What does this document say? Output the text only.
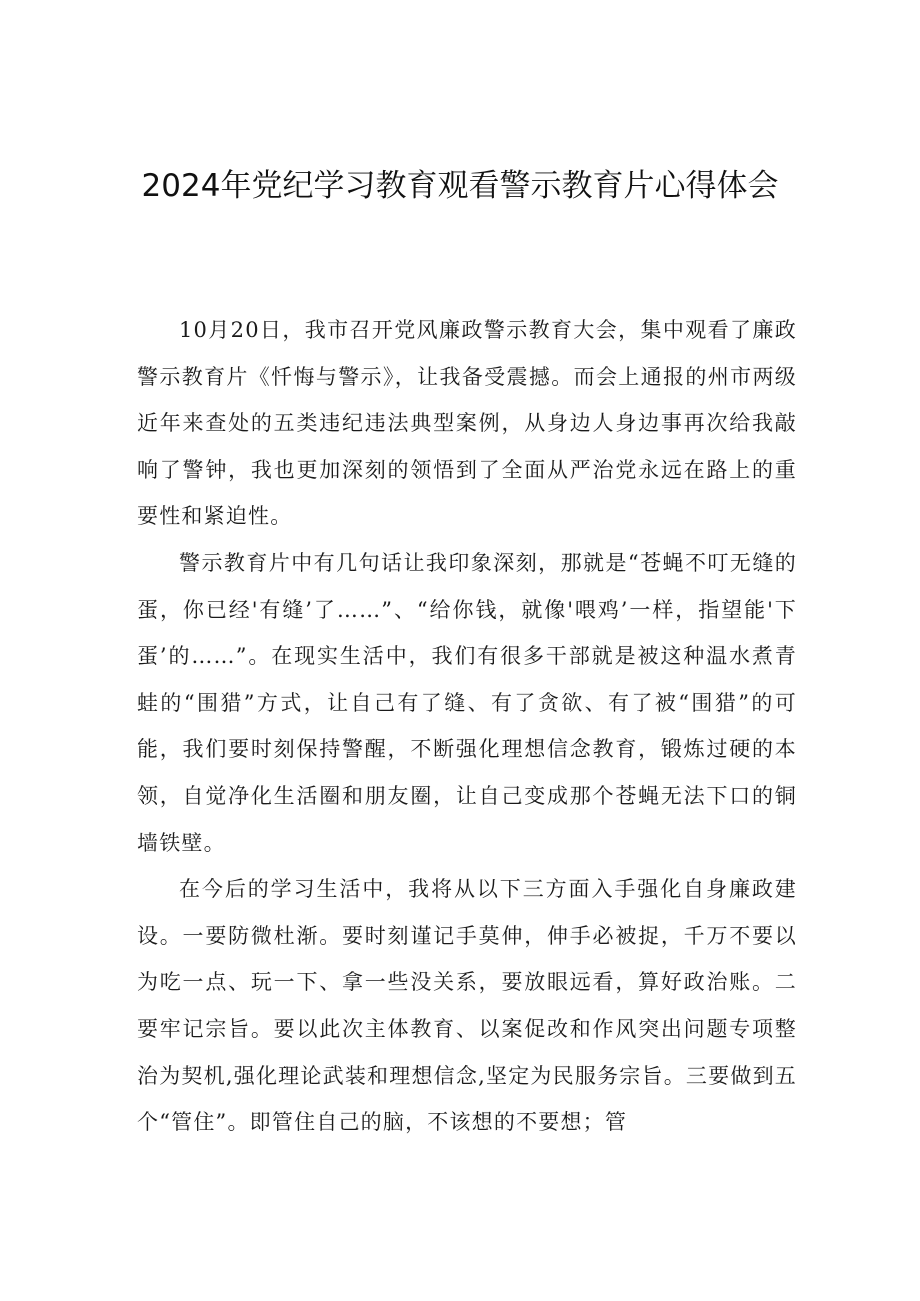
2024年党纪学习教育观看警示教育片心得体会

10月20日，我市召开党风廉政警示教育大会，集中观看了廉政警示教育片《忏悔与警示》，让我备受震撼。而会上通报的州市两级近年来查处的五类违纪违法典型案例，从身边人身边事再次给我敲响了警钟，我也更加深刻的领悟到了全面从严治党永远在路上的重要性和紧迫性。

警示教育片中有几句话让我印象深刻，那就是“苍蝇不叮无缝的蛋，你已经'有缝’了……”、“给你钱，就像'喂鸡’一样，指望能'下蛋’的……”。在现实生活中，我们有很多干部就是被这种温水煮青蛙的“围猎”方式，让自己有了缝、有了贪欲、有了被“围猎”的可能，我们要时刻保持警醒，不断强化理想信念教育，锻炼过硬的本领，自觉净化生活圈和朋友圈，让自己变成那个苍蝇无法下口的铜墙铁壁。

在今后的学习生活中，我将从以下三方面入手强化自身廉政建设。一要防微杜渐。要时刻谨记手莫伸，伸手必被捉，千万不要以为吃一点、玩一下、拿一些没关系，要放眼远看，算好政治账。二要牢记宗旨。要以此次主体教育、以案促改和作风突出问题专项整治为契机,强化理论武装和理想信念,坚定为民服务宗旨。三要做到五个“管住”。即管住自己的脑，不该想的不要想；管
